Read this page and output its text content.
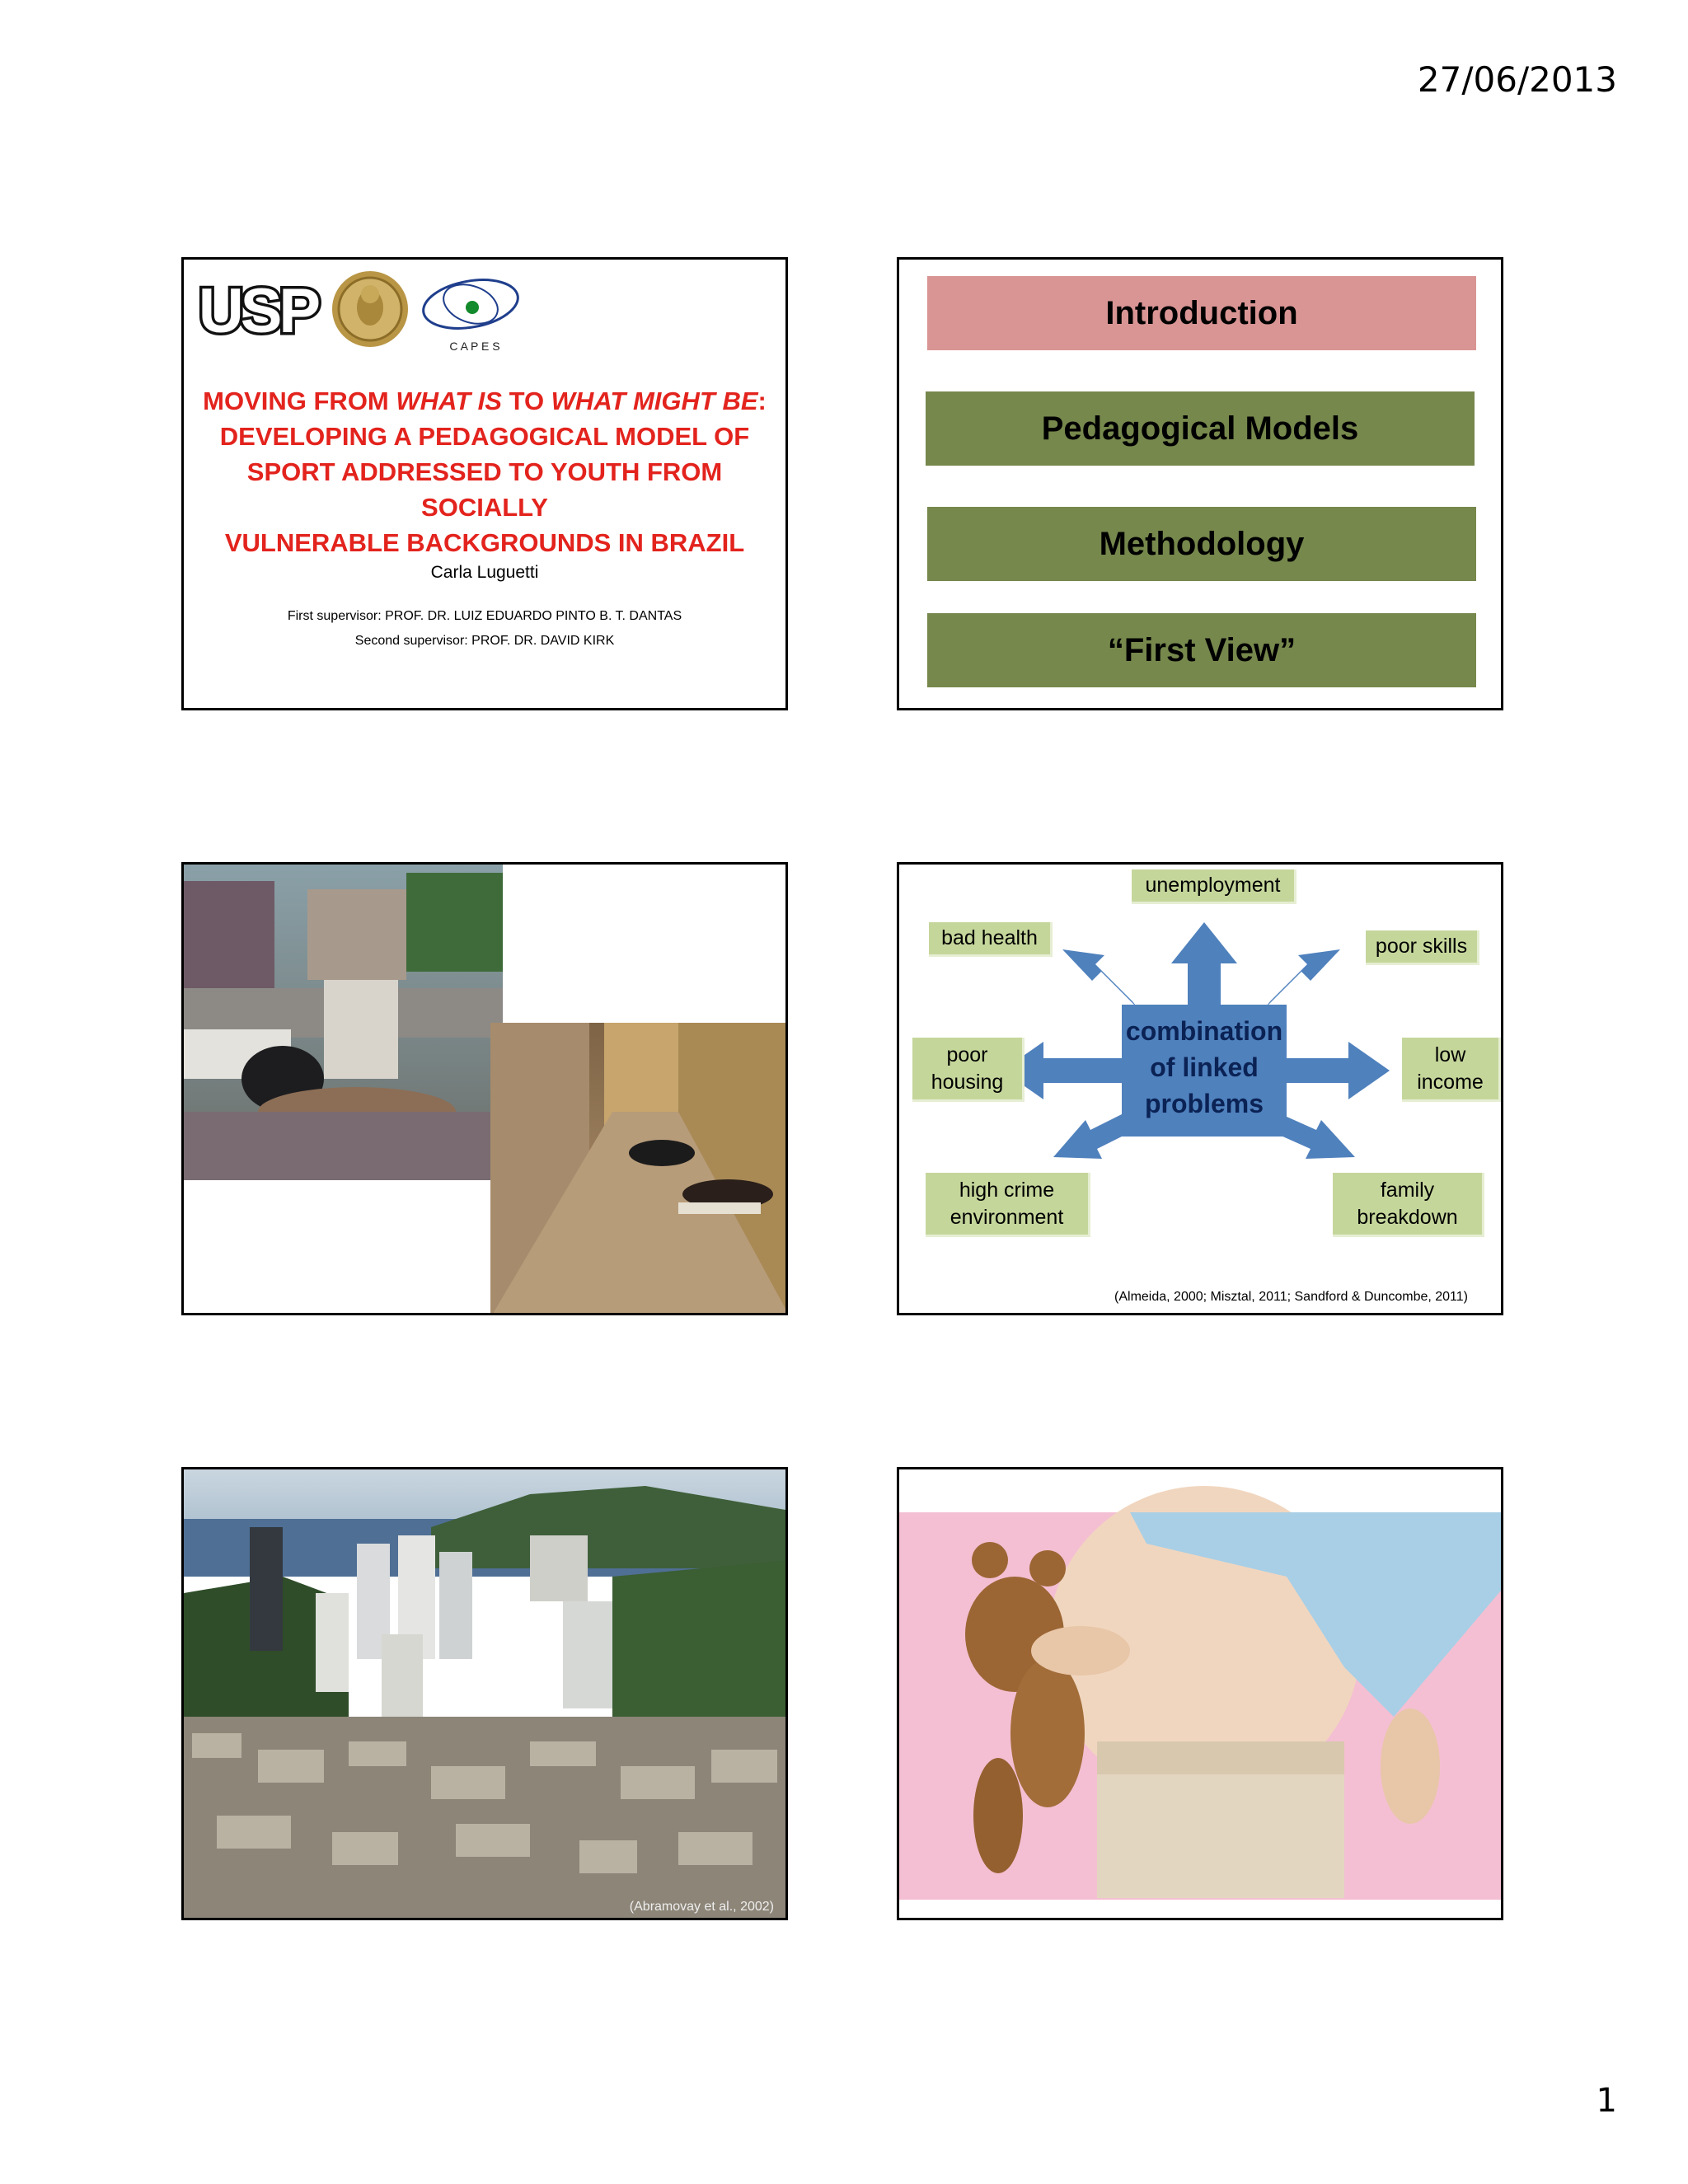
27/06/2013
USP	C A P E S
MOVING FROM WHAT IS TO WHAT MIGHT BE:
DEVELOPING A PEDAGOGICAL MODEL OF
SPORT ADDRESSED TO YOUTH FROM SOCIALLY
VULNERABLE BACKGROUNDS IN BRAZIL
Carla Luguetti
First supervisor: PROF. DR. LUIZ EDUARDO PINTO B. T. DANTAS
Second supervisor: PROF. DR. DAVID KIRK
Introduction
Pedagogical Models
Methodology
“First View”
combination
of linked
problems
unemployment
bad health	poor skills
poor
housing
low
income
high crime
environment
family
breakdown
(Almeida, 2000; Misztal, 2011; Sandford & Duncombe, 2011)
(Abramovay et al., 2002)
1
